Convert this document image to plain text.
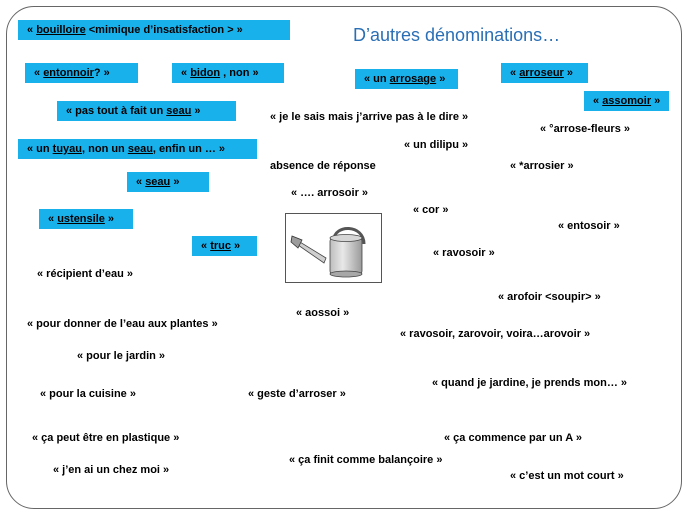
D’autres dénominations…
« bouilloire <mimique d’insatisfaction > »
« entonnoir? »	« bidon , non »	« un arrosage »	« arroseur »
« assomoir »
« pas tout à fait un seau »
« un tuyau, non un seau, enfin un … »
« seau »
« ustensile »
« truc »
« je le sais mais j’arrive pas à le dire »
« °arrose-fleurs »
« un dilipu »
absence de réponse	« *arrosier »
« …. arrosoir »
« cor »
« entosoir »
« ravosoir »
« récipient d’eau »
« arofoir <soupir> »
« aossoi »
« pour donner de l’eau aux plantes »
« ravosoir, zarovoir, voira…arovoir »
« pour le jardin »
« quand je jardine, je prends mon… »
« pour la cuisine »	« geste d’arroser »
« ça peut être en plastique »	« ça commence par un A »
« ça finit comme balançoire »
« j’en ai un chez moi »	« c’est un mot court »
